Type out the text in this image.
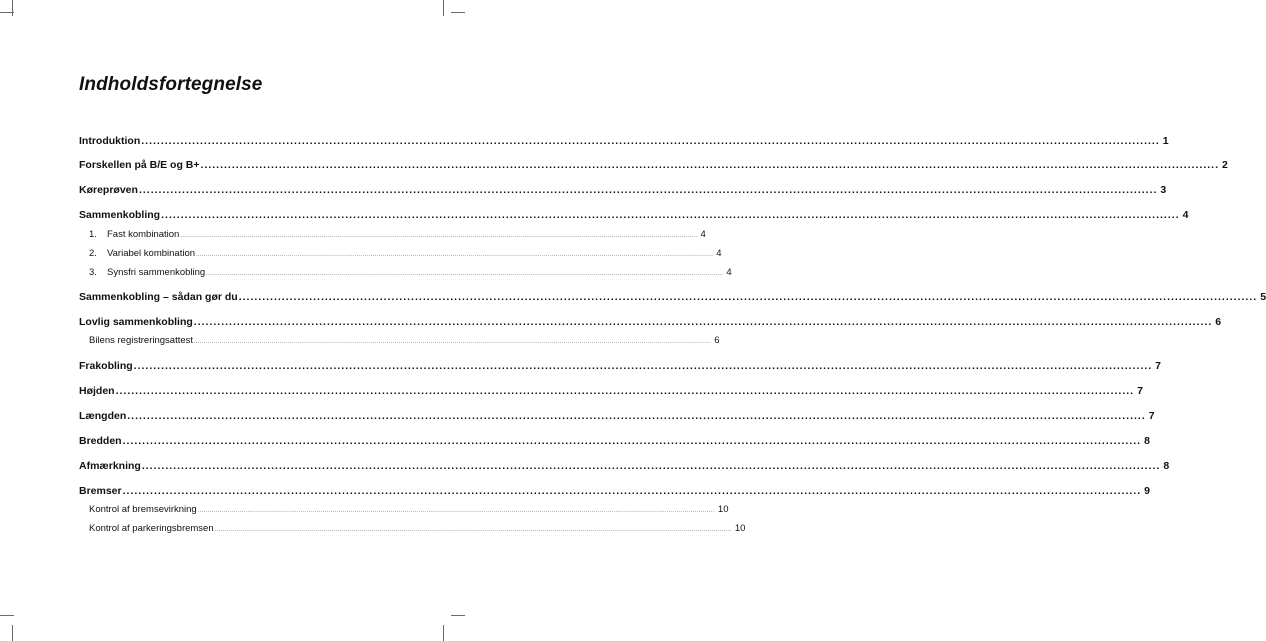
Indholdsfortegnelse
Introduktion .................................................................................................................................................................................................................................................................... 1
Forskellen på B/E og B+ .................................................................................................................................................................................................................................................................... 2
Køreprøven .................................................................................................................................................................................................................................................................... 3
Sammenkobling .................................................................................................................................................................................................................................................................... 4
1. Fast kombination .................................................................................................................................................................................................................................................................... 4
2. Variabel kombination .................................................................................................................................................................................................................................................................... 4
3. Synsfri sammenkobling .................................................................................................................................................................................................................................................................... 4
Sammenkobling – sådan gør du .................................................................................................................................................................................................................................................................... 5
Lovlig sammenkobling .................................................................................................................................................................................................................................................................... 6
Bilens registreringsattest .................................................................................................................................................................................................................................................................... 6
Frakobling .................................................................................................................................................................................................................................................................... 7
Højden .................................................................................................................................................................................................................................................................... 7
Længden .................................................................................................................................................................................................................................................................... 7
Bredden .................................................................................................................................................................................................................................................................... 8
Afmærkning .................................................................................................................................................................................................................................................................... 8
Bremser .................................................................................................................................................................................................................................................................... 9
Kontrol af bremsevirkning .................................................................................................................................................................................................................................................................... 10
Kontrol af parkeringsbremsen .................................................................................................................................................................................................................................................................... 10
